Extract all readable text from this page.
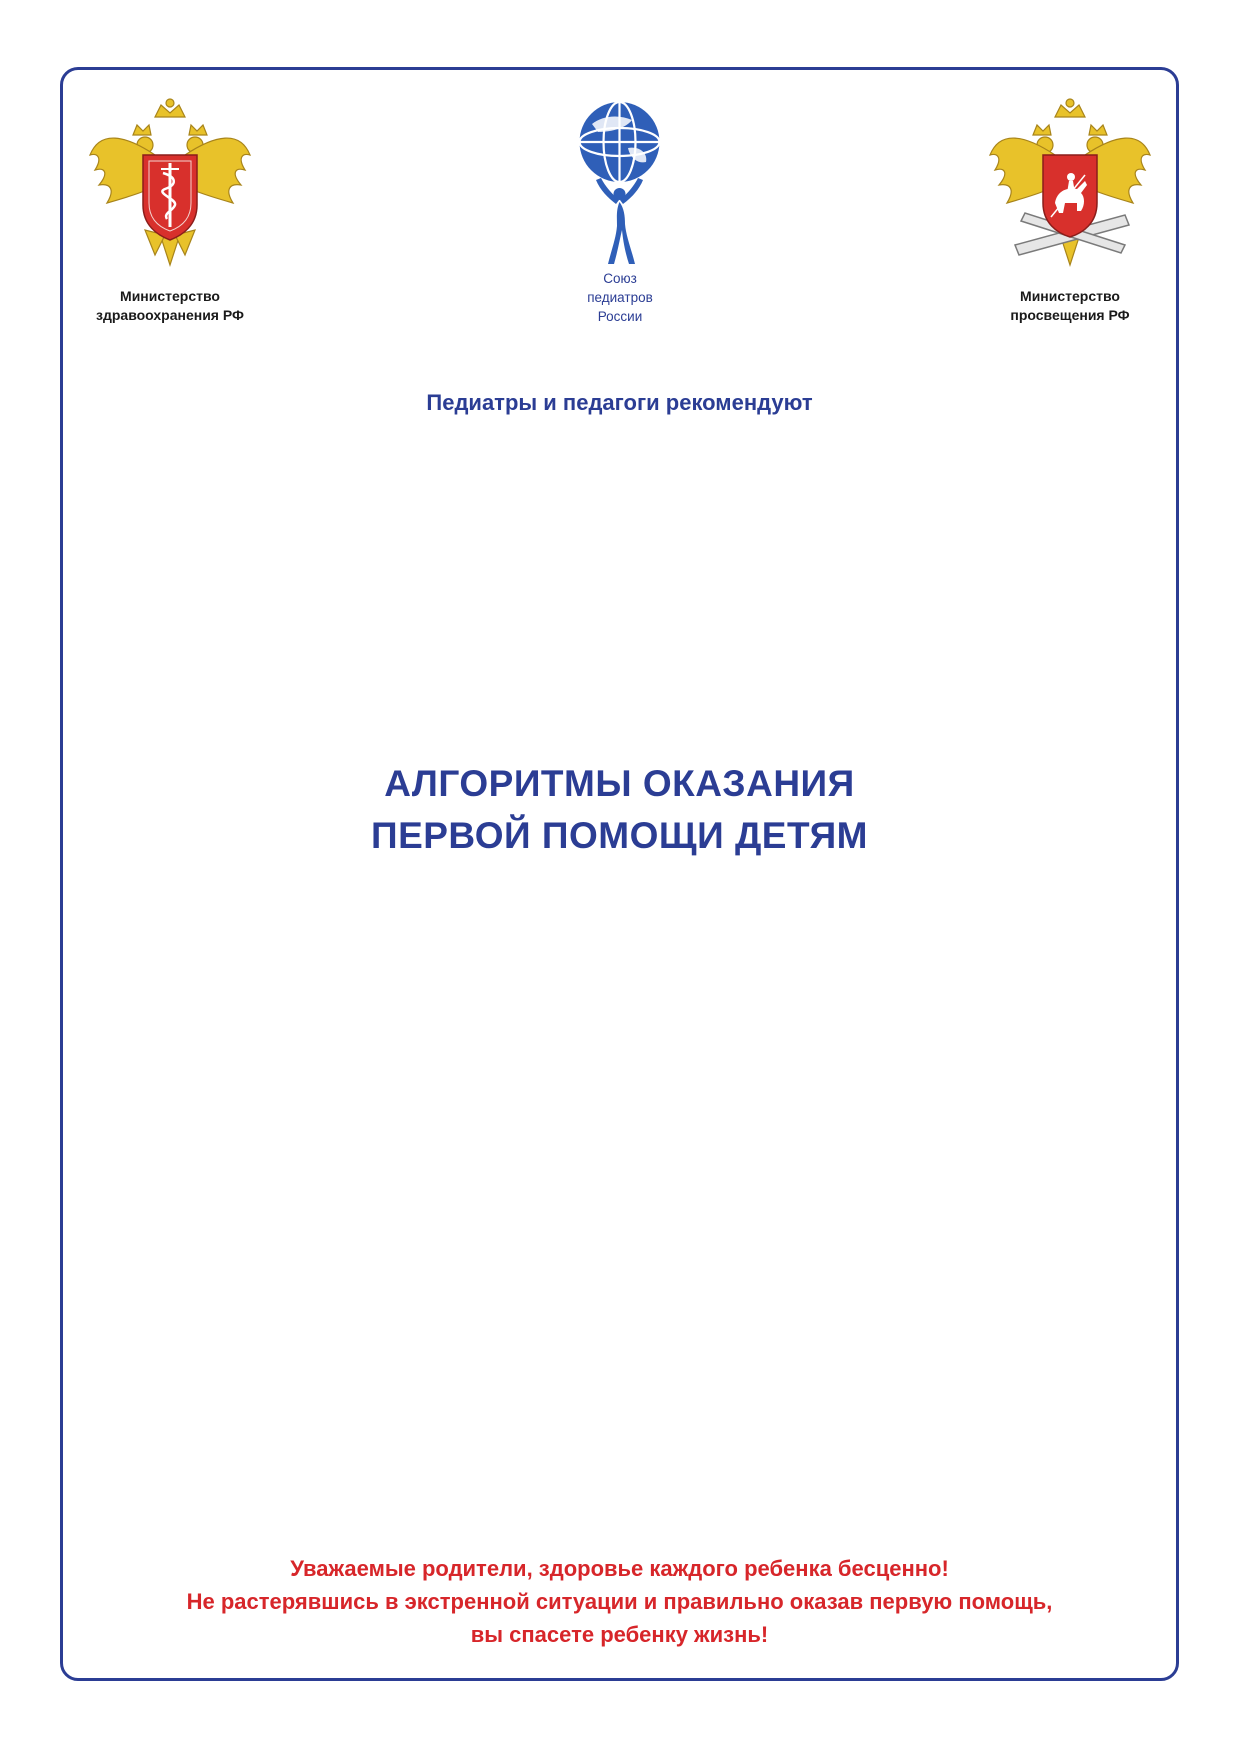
Министерство
здравоохранения РФ
Союз
педиатров
России
Министерство
просвещения РФ
Педиатры и педагоги рекомендуют
АЛГОРИТМЫ ОКАЗАНИЯ
ПЕРВОЙ ПОМОЩИ ДЕТЯМ
Уважаемые родители, здоровье каждого ребенка бесценно!
Не растерявшись в экстренной ситуации и правильно оказав первую помощь,
вы спасете ребенку жизнь!
